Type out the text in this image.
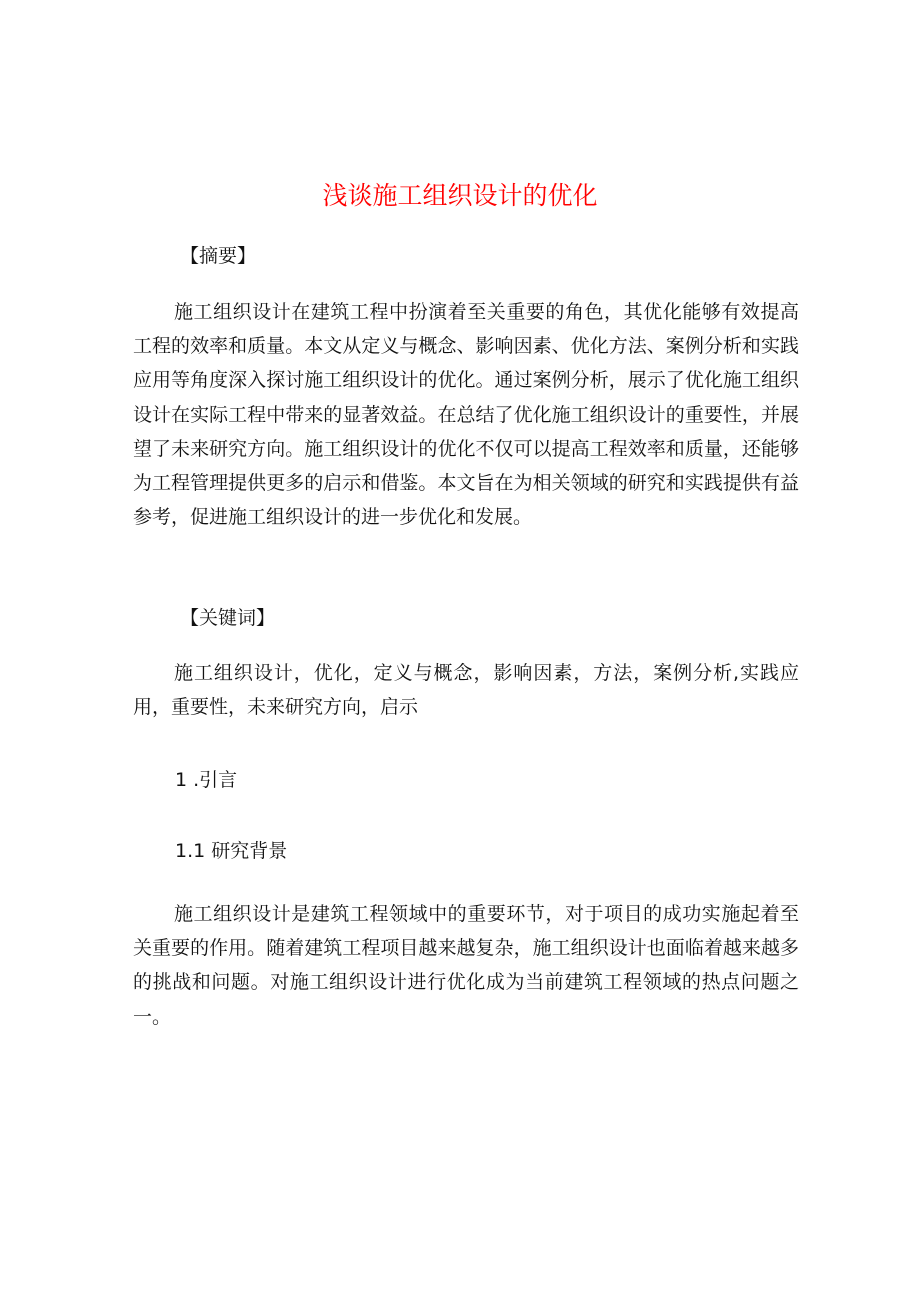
浅谈施工组织设计的优化

【摘要】

施工组织设计在建筑工程中扮演着至关重要的角色，其优化能够有效提高工程的效率和质量。本文从定义与概念、影响因素、优化方法、案例分析和实践应用等角度深入探讨施工组织设计的优化。通过案例分析，展示了优化施工组织设计在实际工程中带来的显著效益。在总结了优化施工组织设计的重要性，并展望了未来研究方向。施工组织设计的优化不仅可以提高工程效率和质量，还能够为工程管理提供更多的启示和借鉴。本文旨在为相关领域的研究和实践提供有益参考，促进施工组织设计的进一步优化和发展。

【关键词】

施工组织设计，优化，定义与概念，影响因素，方法，案例分析,实践应用，重要性，未来研究方向，启示

1 .引言

1.1 研究背景

施工组织设计是建筑工程领域中的重要环节，对于项目的成功实施起着至关重要的作用。随着建筑工程项目越来越复杂，施工组织设计也面临着越来越多的挑战和问题。对施工组织设计进行优化成为当前建筑工程领域的热点问题之一。
